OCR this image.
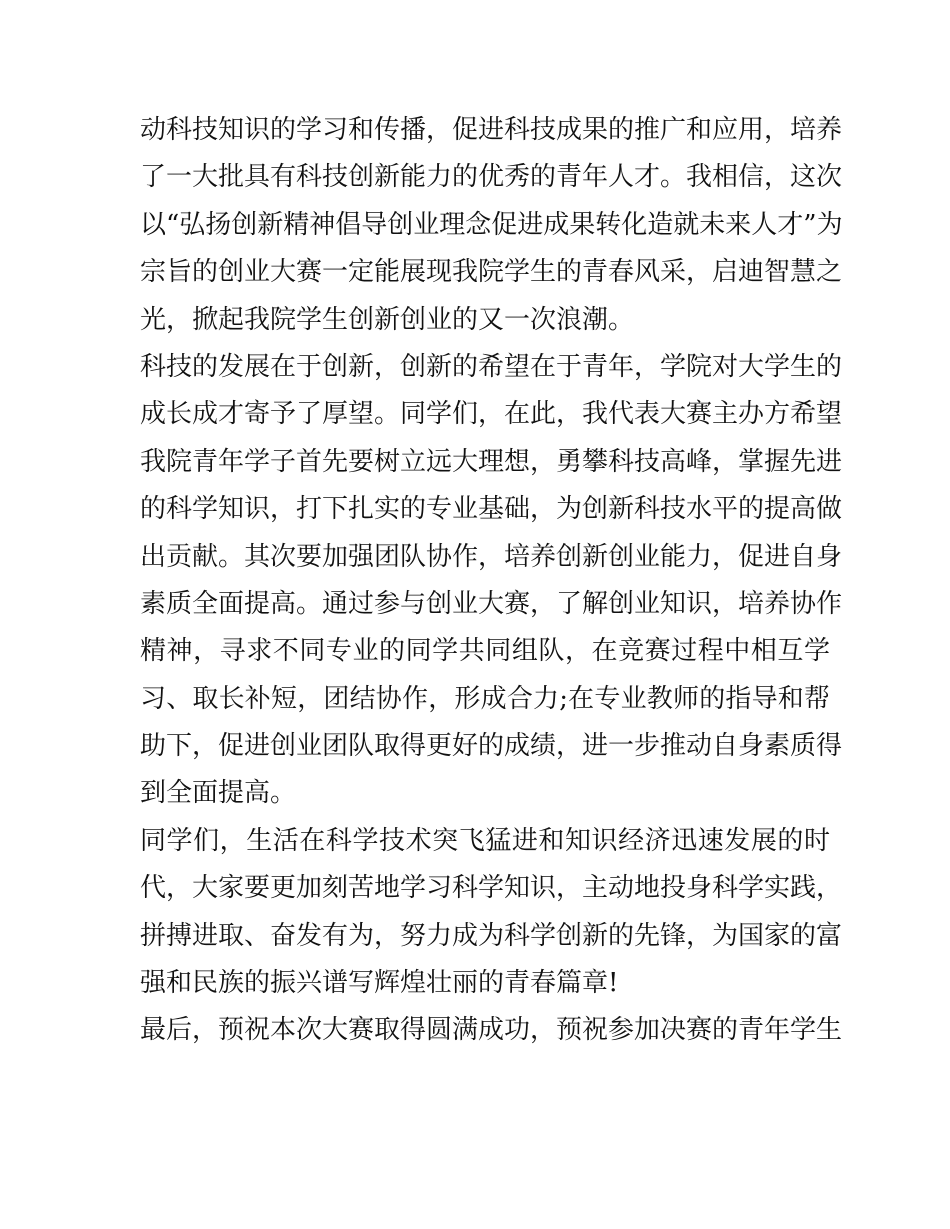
动科技知识的学习和传播，促进科技成果的推广和应用，培养
了一大批具有科技创新能力的优秀的青年人才。我相信，这次
以“弘扬创新精神倡导创业理念促进成果转化造就未来人才”为
宗旨的创业大赛一定能展现我院学生的青春风采，启迪智慧之
光，掀起我院学生创新创业的又一次浪潮。
科技的发展在于创新，创新的希望在于青年，学院对大学生的
成长成才寄予了厚望。同学们，在此，我代表大赛主办方希望
我院青年学子首先要树立远大理想，勇攀科技高峰，掌握先进
的科学知识，打下扎实的专业基础，为创新科技水平的提高做
出贡献。其次要加强团队协作，培养创新创业能力，促进自身
素质全面提高。通过参与创业大赛，了解创业知识，培养协作
精神，寻求不同专业的同学共同组队，在竞赛过程中相互学
习、取长补短，团结协作，形成合力;在专业教师的指导和帮
助下，促进创业团队取得更好的成绩，进一步推动自身素质得
到全面提高。
同学们，生活在科学技术突飞猛进和知识经济迅速发展的时
代，大家要更加刻苦地学习科学知识，主动地投身科学实践，
拼搏进取、奋发有为，努力成为科学创新的先锋，为国家的富
强和民族的振兴谱写辉煌壮丽的青春篇章!
最后，预祝本次大赛取得圆满成功，预祝参加决赛的青年学生
